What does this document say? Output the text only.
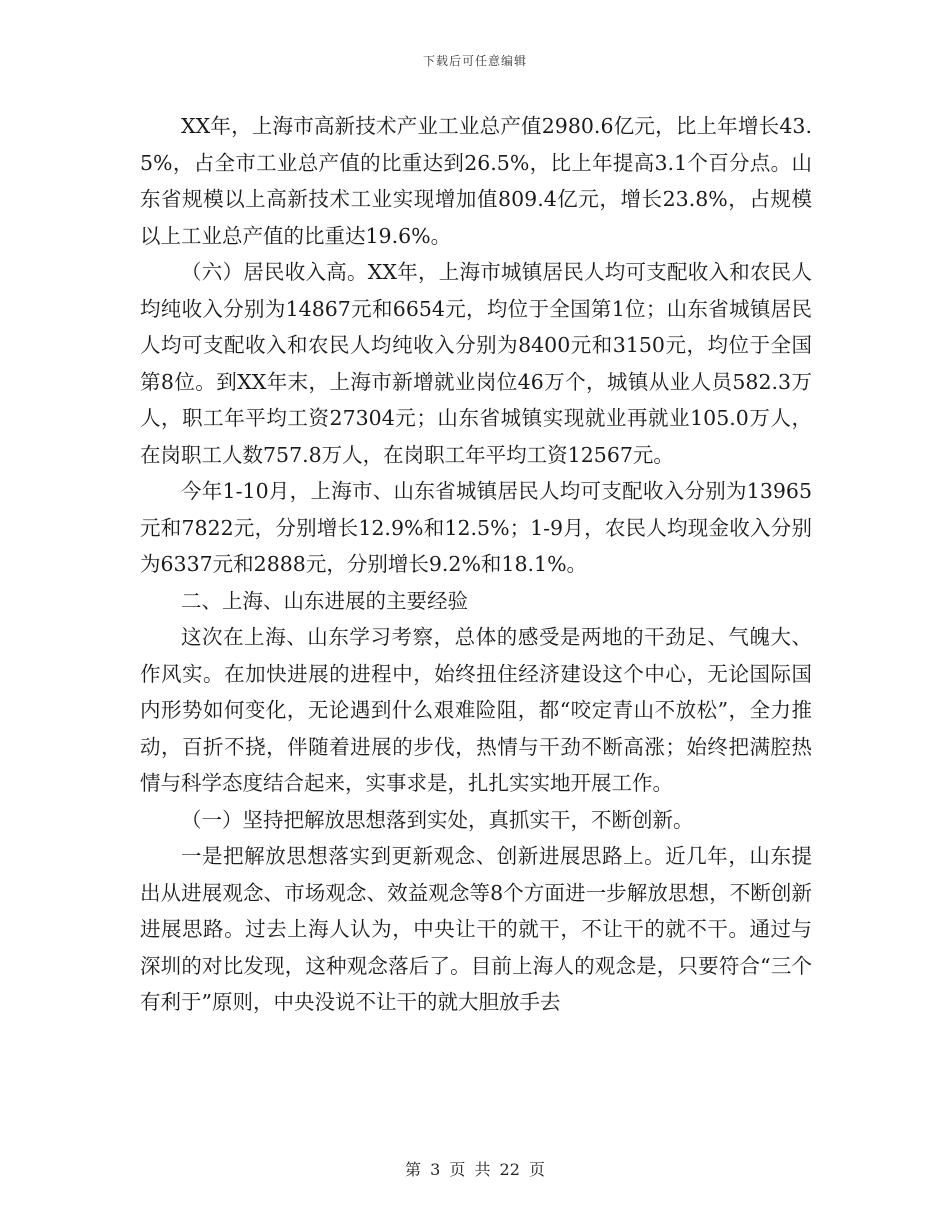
下载后可任意编辑

XX年，上海市高新技术产业工业总产值2980.6亿元，比上年增长43.5%，占全市工业总产值的比重达到26.5%，比上年提高3.1个百分点。山东省规模以上高新技术工业实现增加值809.4亿元，增长23.8%，占规模以上工业总产值的比重达19.6%。

（六）居民收入高。XX年，上海市城镇居民人均可支配收入和农民人均纯收入分别为14867元和6654元，均位于全国第1位；山东省城镇居民人均可支配收入和农民人均纯收入分别为8400元和3150元，均位于全国第8位。到XX年末，上海市新增就业岗位46万个，城镇从业人员582.3万人，职工年平均工资27304元；山东省城镇实现就业再就业105.0万人，在岗职工人数757.8万人，在岗职工年平均工资12567元。

今年1-10月，上海市、山东省城镇居民人均可支配收入分别为13965元和7822元，分别增长12.9%和12.5%；1-9月，农民人均现金收入分别为6337元和2888元，分别增长9.2%和18.1%。

二、上海、山东进展的主要经验

这次在上海、山东学习考察，总体的感受是两地的干劲足、气魄大、作风实。在加快进展的进程中，始终扭住经济建设这个中心，无论国际国内形势如何变化，无论遇到什么艰难险阻，都“咬定青山不放松”，全力推动，百折不挠，伴随着进展的步伐，热情与干劲不断高涨；始终把满腔热情与科学态度结合起来，实事求是，扎扎实实地开展工作。

（一）坚持把解放思想落到实处，真抓实干，不断创新。

一是把解放思想落实到更新观念、创新进展思路上。近几年，山东提出从进展观念、市场观念、效益观念等8个方面进一步解放思想，不断创新进展思路。过去上海人认为，中央让干的就干，不让干的就不干。通过与深圳的对比发现，这种观念落后了。目前上海人的观念是，只要符合“三个有利于”原则，中央没说不让干的就大胆放手去

第 3 页 共 22 页
